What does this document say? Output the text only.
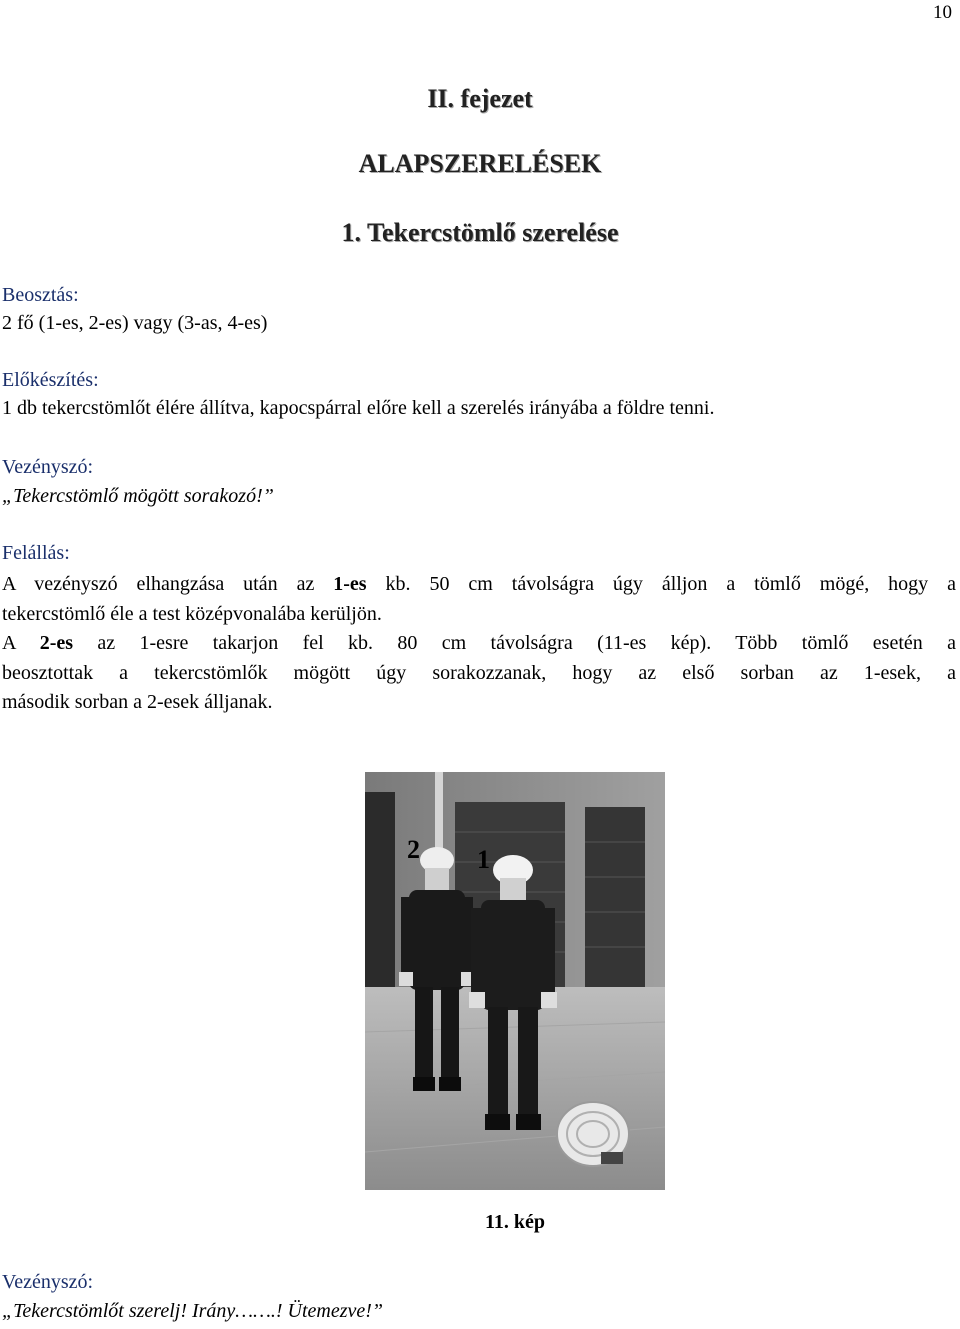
10
II. fejezet
ALAPSZERELÉSEK
1. Tekercstömlő szerelése
Beosztás:
2 fő (1-es, 2-es) vagy (3-as, 4-es)
Előkészítés:
1 db tekercstömlőt élére állítva, kapocspárral előre kell a szerelés irányába a földre tenni.
Vezényszó:
„Tekercstömlő mögött sorakozó!”
Felállás:
A vezényszó elhangzása után az 1-es kb. 50 cm távolságra úgy álljon a tömlő mögé, hogy a
tekercstömlő éle a test középvonalába kerüljön.
A 2-es az 1-esre takarjon fel kb. 80 cm távolságra (11-es kép). Több tömlő esetén a
beosztottak a tekercstömlők mögött úgy sorakozzanak, hogy az első sorban az 1-esek, a
második sorban a 2-esek álljanak.
2 1
11. kép
Vezényszó:
„Tekercstömlőt szerelj! Irány…….! Ütemezve!”
